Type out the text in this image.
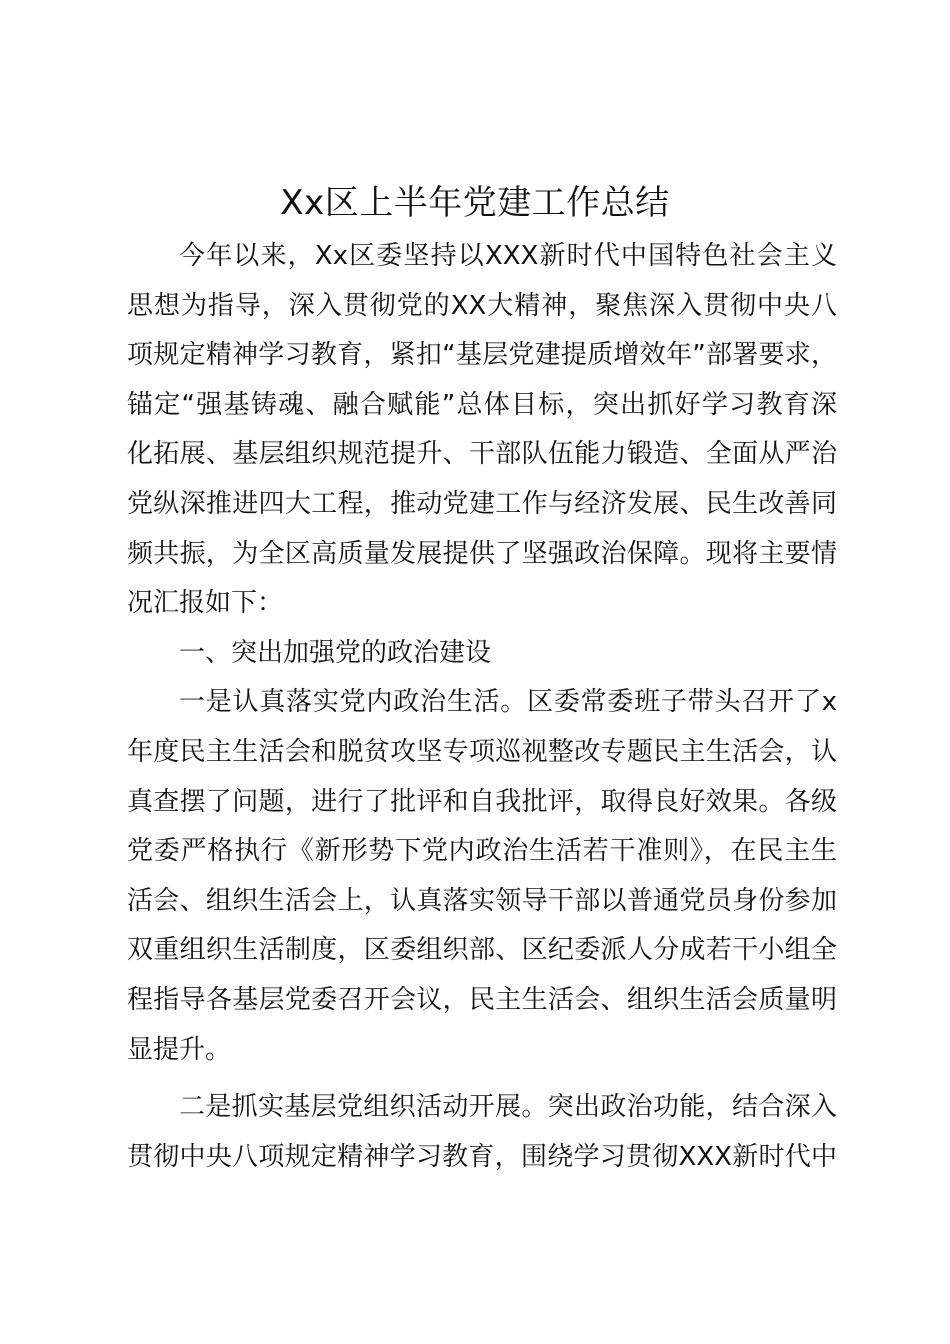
Xx区上半年党建工作总结
今年以来，Xx区委坚持以XXX新时代中国特色社会主义
思想为指导，深入贯彻党的XX大精神，聚焦深入贯彻中央八
项规定精神学习教育，紧扣“基层党建提质增效年”部署要求，
锚定“强基铸魂、融合赋能”总体目标，突出抓好学习教育深
化拓展、基层组织规范提升、干部队伍能力锻造、全面从严治
党纵深推进四大工程，推动党建工作与经济发展、民生改善同
频共振，为全区高质量发展提供了坚强政治保障。现将主要情
况汇报如下：
一、突出加强党的政治建设
一是认真落实党内政治生活。区委常委班子带头召开了x
年度民主生活会和脱贫攻坚专项巡视整改专题民主生活会，认
真查摆了问题，进行了批评和自我批评，取得良好效果。各级
党委严格执行《新形势下党内政治生活若干准则》，在民主生
活会、组织生活会上，认真落实领导干部以普通党员身份参加
双重组织生活制度，区委组织部、区纪委派人分成若干小组全
程指导各基层党委召开会议，民主生活会、组织生活会质量明
显提升。
二是抓实基层党组织活动开展。突出政治功能，结合深入
贯彻中央八项规定精神学习教育，围绕学习贯彻XXX新时代中
